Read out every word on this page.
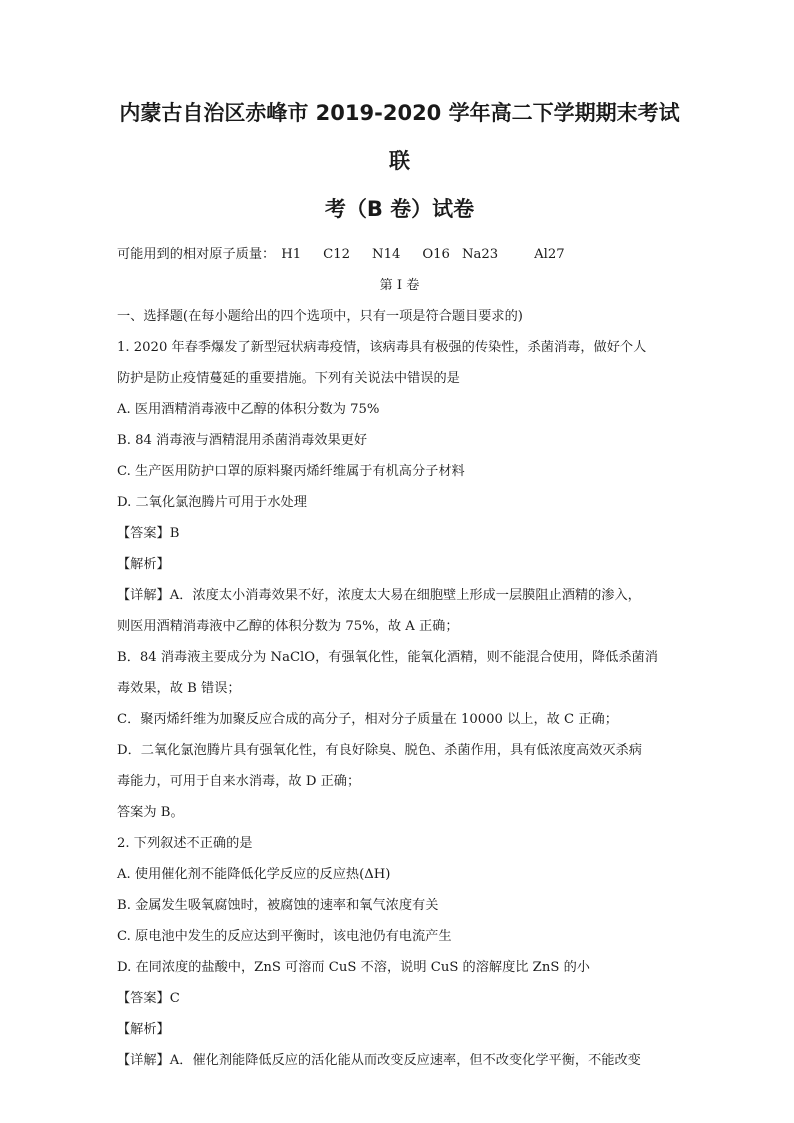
内蒙古自治区赤峰市 2019-2020 学年高二下学期期末考试联
考（B 卷）试卷

可能用到的相对原子质量： H1 C12 N14 O16 Na23	Al27

第 I 卷

一、选择题(在每小题给出的四个选项中，只有一项是符合题目要求的)

1. 2020 年春季爆发了新型冠状病毒疫情，该病毒具有极强的传染性，杀菌消毒，做好个人

防护是防止疫情蔓延的重要措施。下列有关说法中错误的是

A. 医用酒精消毒液中乙醇的体积分数为 75%

B. 84 消毒液与酒精混用杀菌消毒效果更好

C. 生产医用防护口罩的原料聚丙烯纤维属于有机高分子材料

D. 二氧化氯泡腾片可用于水处理

【答案】B

【解析】

【详解】A．浓度太小消毒效果不好，浓度太大易在细胞壁上形成一层膜阻止酒精的渗入，

则医用酒精消毒液中乙醇的体积分数为 75%，故 A 正确；

B．84 消毒液主要成分为 NaClO，有强氧化性，能氧化酒精，则不能混合使用，降低杀菌消

毒效果，故 B 错误；

C．聚丙烯纤维为加聚反应合成的高分子，相对分子质量在 10000 以上，故 C 正确；

D．二氧化氯泡腾片具有强氧化性，有良好除臭、脱色、杀菌作用，具有低浓度高效灭杀病

毒能力，可用于自来水消毒，故 D 正确；

答案为 B。

2. 下列叙述不正确的是

A. 使用催化剂不能降低化学反应的反应热(ΔH)

B. 金属发生吸氧腐蚀时，被腐蚀的速率和氧气浓度有关

C. 原电池中发生的反应达到平衡时，该电池仍有电流产生

D. 在同浓度的盐酸中，ZnS 可溶而 CuS 不溶，说明 CuS 的溶解度比 ZnS 的小

【答案】C

【解析】

【详解】A．催化剂能降低反应的活化能从而改变反应速率，但不改变化学平衡，不能改变
